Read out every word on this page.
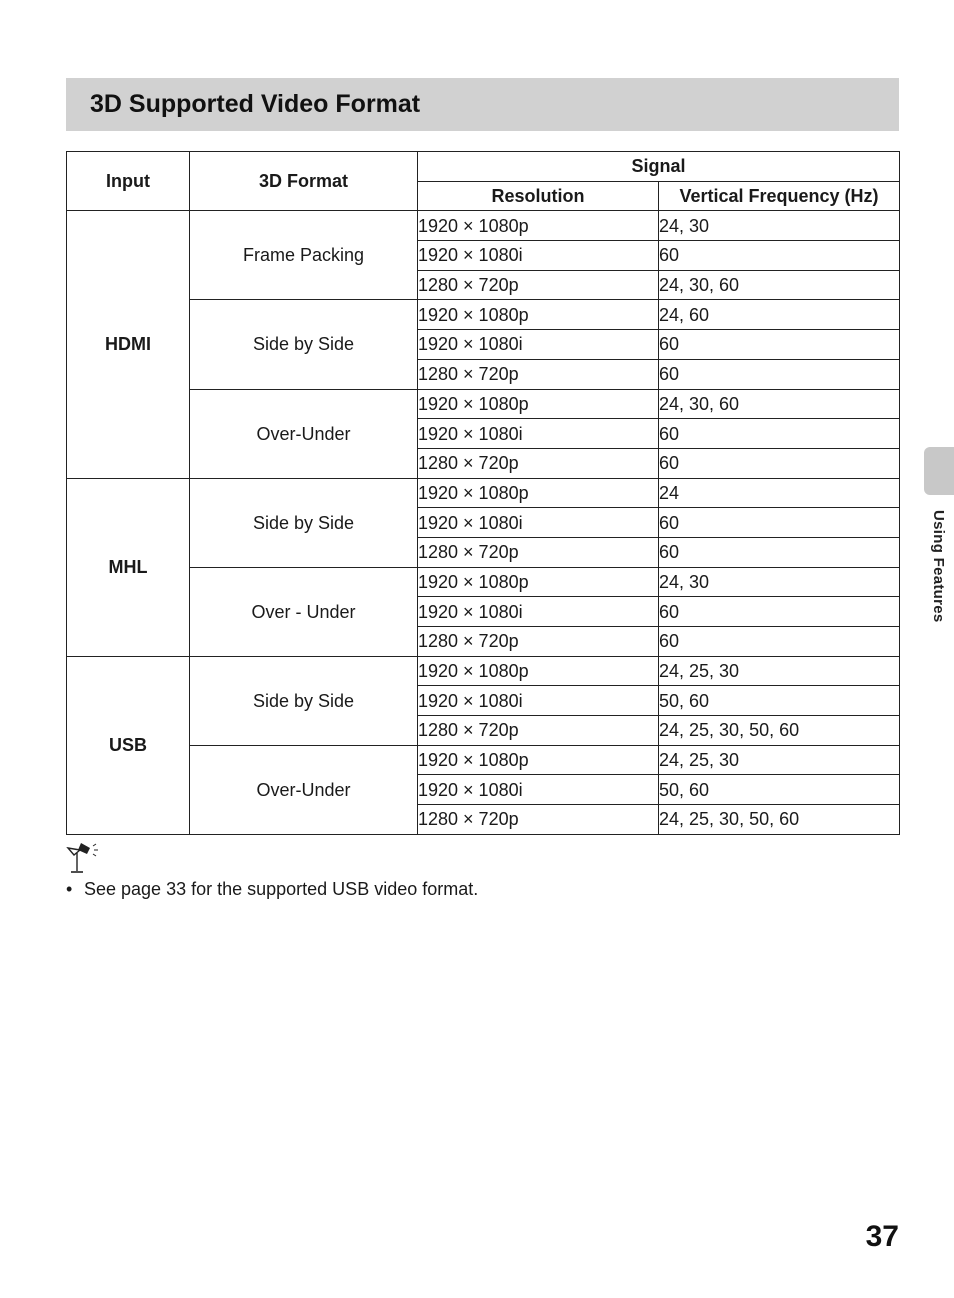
3D Supported Video Format
Input	3D Format	Signal	
		Resolution	Vertical Frequency (Hz)
HDMI	Frame Packing	1920 × 1080p	24, 30
		1920 × 1080i	60
		1280 × 720p	24, 30, 60
	Side by Side	1920 × 1080p	24, 60
		1920 × 1080i	60
		1280 × 720p	60
	Over-Under	1920 × 1080p	24, 30, 60
		1920 × 1080i	60
		1280 × 720p	60
MHL	Side by Side	1920 × 1080p	24
		1920 × 1080i	60
		1280 × 720p	60
	Over - Under	1920 × 1080p	24, 30
		1920 × 1080i	60
		1280 × 720p	60
USB	Side by Side	1920 × 1080p	24, 25, 30
		1920 × 1080i	50, 60
		1280 × 720p	24, 25, 30, 50, 60
	Over-Under	1920 × 1080p	24, 25, 30
		1920 × 1080i	50, 60
		1280 × 720p	24, 25, 30, 50, 60
• See page 33 for the supported USB video format.
Using Features
37
